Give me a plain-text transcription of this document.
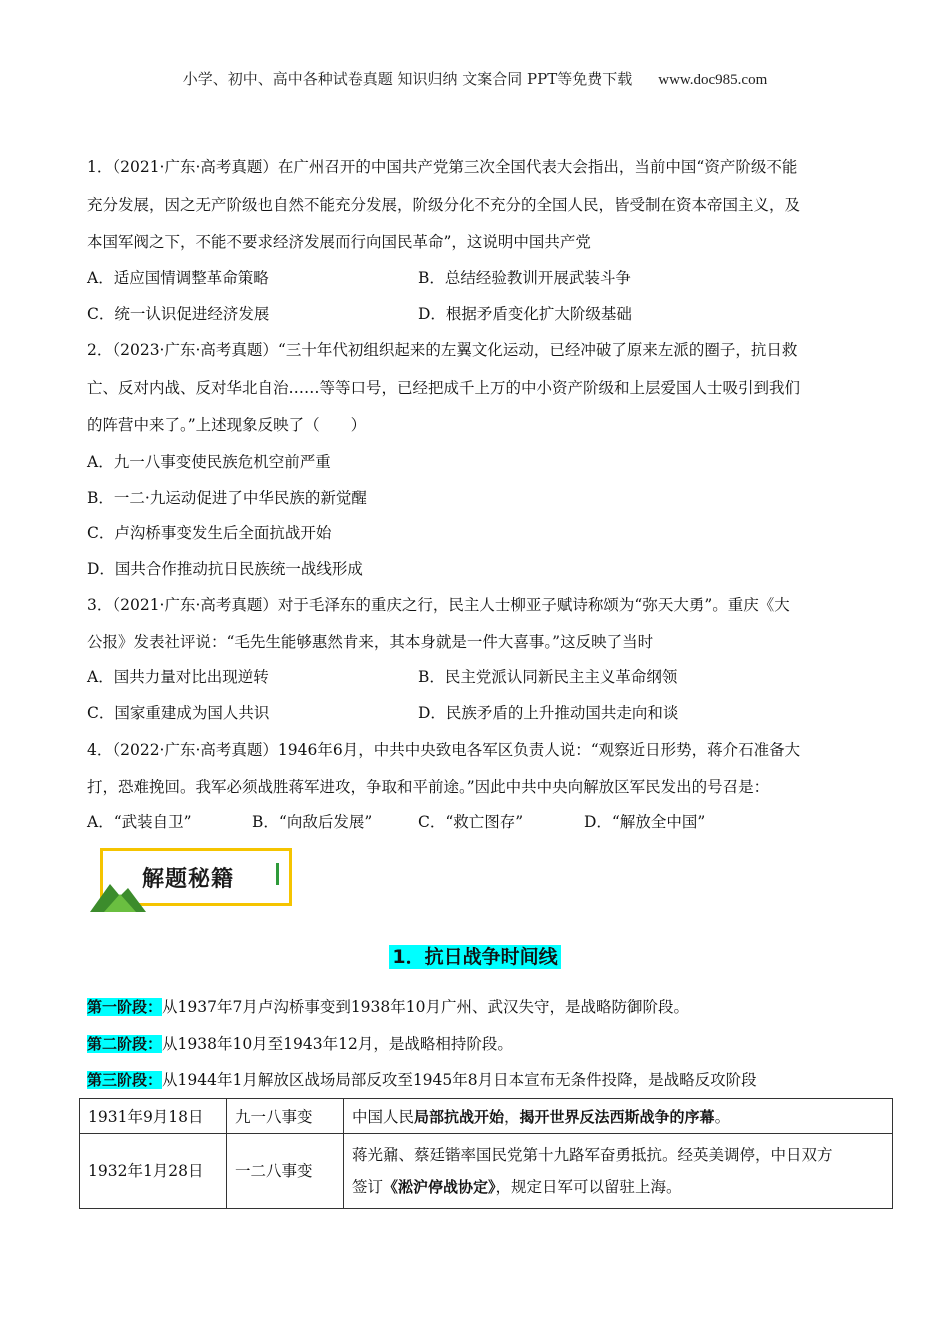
小学、初中、高中各种试卷真题 知识归纳 文案合同 PPT等免费下载 www.doc985.com
1．（2021·广东·高考真题）在广州召开的中国共产党第三次全国代表大会指出，当前中国“资产阶级不能
充分发展，因之无产阶级也自然不能充分发展，阶级分化不充分的全国人民，皆受制在资本帝国主义，及
本国军阀之下，不能不要求经济发展而行向国民革命”，这说明中国共产党
A．适应国情调整革命策略	B．总结经验教训开展武装斗争
C．统一认识促进经济发展	D．根据矛盾变化扩大阶级基础
2．（2023·广东·高考真题）“三十年代初组织起来的左翼文化运动，已经冲破了原来左派的圈子，抗日救
亡、反对内战、反对华北自治……等等口号，已经把成千上万的中小资产阶级和上层爱国人士吸引到我们
的阵营中来了。”上述现象反映了（　　）
A．九一八事变使民族危机空前严重
B．一二·九运动促进了中华民族的新觉醒
C．卢沟桥事变发生后全面抗战开始
D．国共合作推动抗日民族统一战线形成
3．（2021·广东·高考真题）对于毛泽东的重庆之行，民主人士柳亚子赋诗称颂为“弥天大勇”。重庆《大
公报》发表社评说：“毛先生能够惠然肯来，其本身就是一件大喜事。”这反映了当时
A．国共力量对比出现逆转	B．民主党派认同新民主主义革命纲领
C．国家重建成为国人共识	D．民族矛盾的上升推动国共走向和谈
4．（2022·广东·高考真题）1946年6月，中共中央致电各军区负责人说：“观察近日形势，蒋介石准备大
打，恐难挽回。我军必须战胜蒋军进攻，争取和平前途。”因此中共中央向解放区军民发出的号召是：
A．“武装自卫”	B．“向敌后发展”	C．“救亡图存”	D．“解放全中国”
解题秘籍
1．抗日战争时间线
第一阶段：从1937年7月卢沟桥事变到1938年10月广州、武汉失守，是战略防御阶段。
第二阶段：从1938年10月至1943年12月，是战略相持阶段。
第三阶段：从1944年1月解放区战场局部反攻至1945年8月日本宣布无条件投降，是战略反攻阶段
1931年9月18日	九一八事变	中国人民局部抗战开始，揭开世界反法西斯战争的序幕。
1932年1月28日	一二八事变	蒋光鼐、蔡廷锴率国民党第十九路军奋勇抵抗。经英美调停，中日双方
签订《淞沪停战协定》，规定日军可以留驻上海。
